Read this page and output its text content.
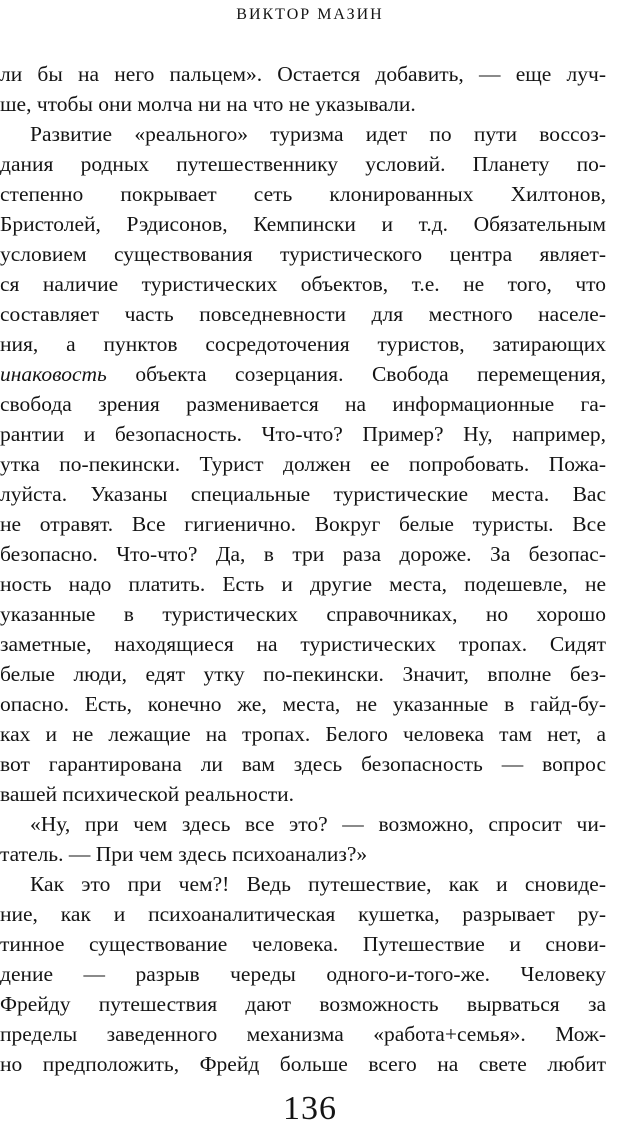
ВИКТОР МАЗИН
ли бы на него пальцем». Остается добавить, — еще луч-
ше, чтобы они молча ни на что не указывали.
Развитие «реального» туризма идет по пути воссоз-
дания родных путешественнику условий. Планету по-
степенно покрывает сеть клонированных Хилтонов,
Бристолей, Рэдисонов, Кемпински и т.д. Обязательным
условием существования туристического центра являет-
ся наличие туристических объектов, т.е. не того, что
составляет часть повседневности для местного населе-
ния, а пунктов сосредоточения туристов, затирающих
инаковость объекта созерцания. Свобода перемещения,
свобода зрения разменивается на информационные га-
рантии и безопасность. Что-что? Пример? Ну, например,
утка по-пекински. Турист должен ее попробовать. Пожа-
луйста. Указаны специальные туристические места. Вас
не отравят. Все гигиенично. Вокруг белые туристы. Все
безопасно. Что-что? Да, в три раза дороже. За безопас-
ность надо платить. Есть и другие места, подешевле, не
указанные в туристических справочниках, но хорошо
заметные, находящиеся на туристических тропах. Сидят
белые люди, едят утку по-пекински. Значит, вполне без-
опасно. Есть, конечно же, места, не указанные в гайд-бу-
ках и не лежащие на тропах. Белого человека там нет, а
вот гарантирована ли вам здесь безопасность — вопрос
вашей психической реальности.
«Ну, при чем здесь все это? — возможно, спросит чи-
татель. — При чем здесь психоанализ?»
Как это при чем?! Ведь путешествие, как и сновиде-
ние, как и психоаналитическая кушетка, разрывает ру-
тинное существование человека. Путешествие и снови-
дение — разрыв череды одного-и-того-же. Человеку
Фрейду путешествия дают возможность вырваться за
пределы заведенного механизма «работа+семья». Мож-
но предположить, Фрейд больше всего на свете любит
136
